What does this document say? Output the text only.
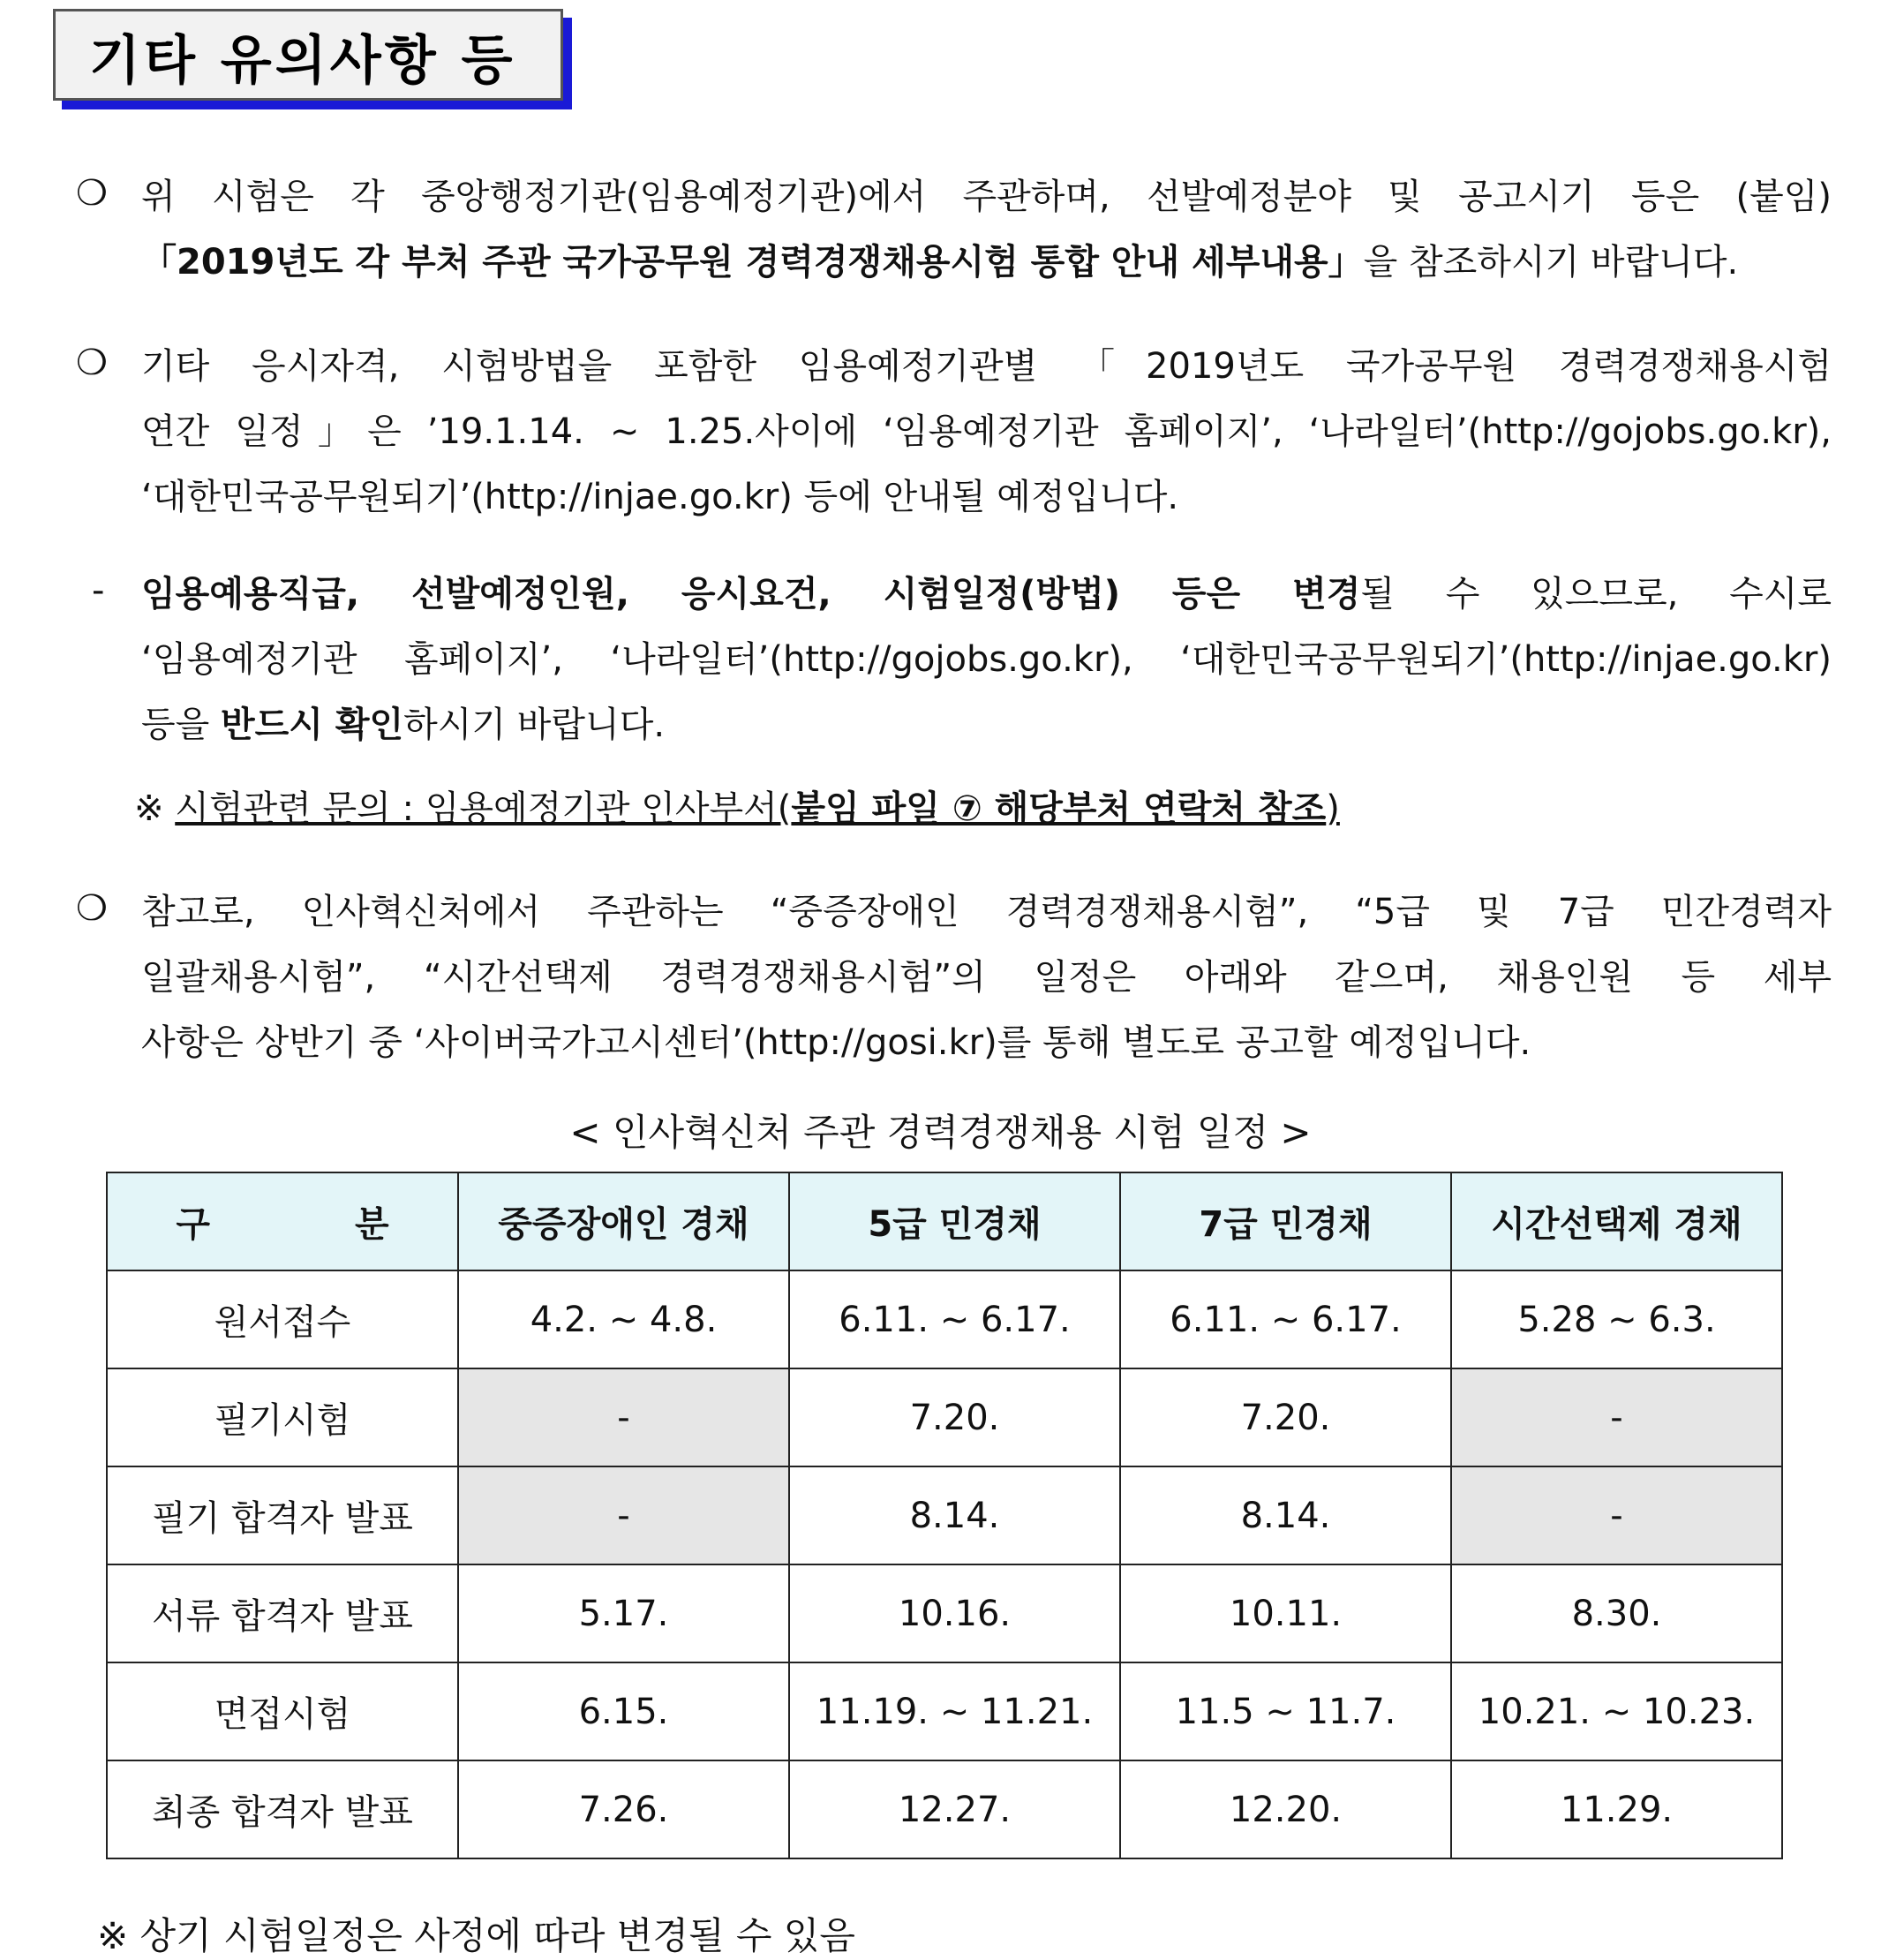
기타 유의사항 등
❍ 위 시험은 각 중앙행정기관(임용예정기관)에서 주관하며, 선발예정분야 및 공고시기 등은 (붙임)
「2019년도 각 부처 주관 국가공무원 경력경쟁채용시험 통합 안내 세부내용」을 참조하시기 바랍니다.
❍ 기타 응시자격, 시험방법을 포함한 임용예정기관별 「2019년도 국가공무원 경력경쟁채용시험
연간 일정」은 ’19.1.14. ~ 1.25.사이에 ‘임용예정기관 홈페이지’, ‘나라일터’(http://gojobs.go.kr),
‘대한민국공무원되기’(http://injae.go.kr) 등에 안내될 예정입니다.
- 임용예용직급, 선발예정인원, 응시요건, 시험일정(방법) 등은 변경될 수 있으므로, 수시로
‘임용예정기관 홈페이지’, ‘나라일터’(http://gojobs.go.kr), ‘대한민국공무원되기’(http://injae.go.kr)
등을 반드시 확인하시기 바랍니다.
※ 시험관련 문의 : 임용예정기관 인사부서(붙임 파일 ⑦ 해당부처 연락처 참조)
❍ 참고로, 인사혁신처에서 주관하는 “중증장애인 경력경쟁채용시험”, “5급 및 7급 민간경력자
일괄채용시험”, “시간선택제 경력경쟁채용시험”의 일정은 아래와 같으며, 채용인원 등 세부
사항은 상반기 중 ‘사이버국가고시센터’(http://gosi.kr)를 통해 별도로 공고할 예정입니다.
< 인사혁신처 주관 경력경쟁채용 시험 일정 >
구 분	중증장애인 경채	5급 민경채	7급 민경채	시간선택제 경채
원서접수	4.2. ~ 4.8.	6.11. ~ 6.17.	6.11. ~ 6.17.	5.28 ~ 6.3.
필기시험	-	7.20.	7.20.	-
필기 합격자 발표	-	8.14.	8.14.	-
서류 합격자 발표	5.17.	10.16.	10.11.	8.30.
면접시험	6.15.	11.19. ~ 11.21.	11.5 ~ 11.7.	10.21. ~ 10.23.
최종 합격자 발표	7.26.	12.27.	12.20.	11.29.
※ 상기 시험일정은 사정에 따라 변경될 수 있음
